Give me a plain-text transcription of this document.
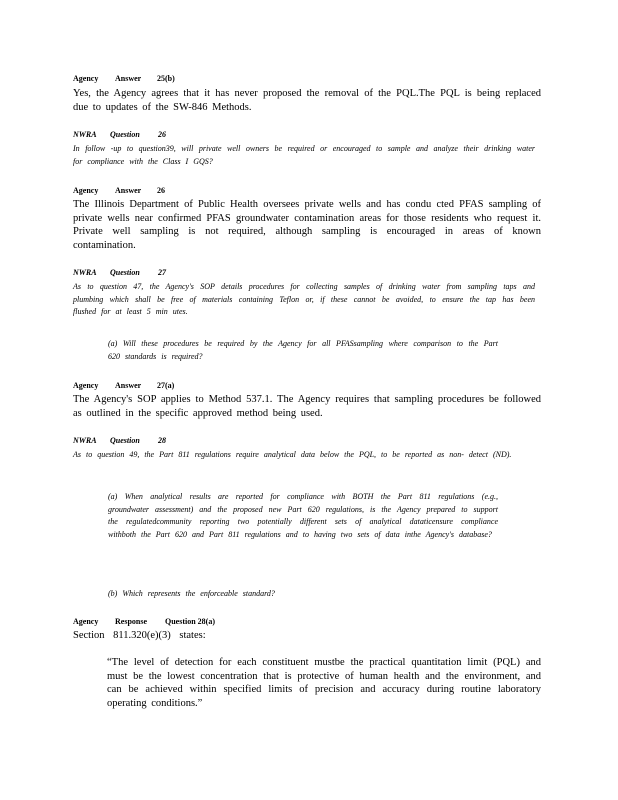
Agency Answer 25(b)
Yes, the Agency agrees that it has never proposed the removal of the PQL.The PQL is being replaced due to updates of the SW-846 Methods.
NWRA Question 26
In follow -up to question39, will private well owners be required or encouraged to sample and analyze their drinking water for compliance with the Class I GQS?
Agency Answer 26
The Illinois Department of Public Health oversees private wells and has condu cted PFAS sampling of private wells near confirmed PFAS groundwater contamination areas for those residents who request it. Private well sampling is not required, although sampling is encouraged in areas of known contamination.
NWRA Question 27
As to question 47, the Agency's SOP details procedures for collecting samples of drinking water from sampling taps and plumbing which shall be free of materials containing Teflon or, if these cannot be avoided, to ensure the tap has been flushed for at least 5 min utes.
(a) Will these procedures be required by the Agency for all PFASsampling where comparison to the Part 620 standards is required?
Agency Answer 27(a)
The Agency's SOP applies to Method 537.1. The Agency requires that sampling procedures be followed as outlined in the specific approved method being used.
NWRA Question 28
As to question 49, the Part 811 regulations require analytical data below the PQL, to be reported as non- detect (ND).
(a) When analytical results are reported for compliance with BOTH the Part 811 regulations (e.g., groundwater assessment) and the proposed new Part 620 regulations, is the Agency prepared to support the regulatedcommunity reporting two potentially different sets of analytical dataticensure compliance withboth the Part 620 and Part 811 regulations and to having two sets of data inthe Agency's database?
(b) Which represents the enforceable standard?
Agency Response Question 28(a)
Section 811.320(e)(3) states:
“The level of detection for each constituent mustbe the practical quantitation limit (PQL) and must be the lowest concentration that is protective of human health and the environment, and can be achieved within specified limits of precision and accuracy during routine laboratory operating conditions.”
